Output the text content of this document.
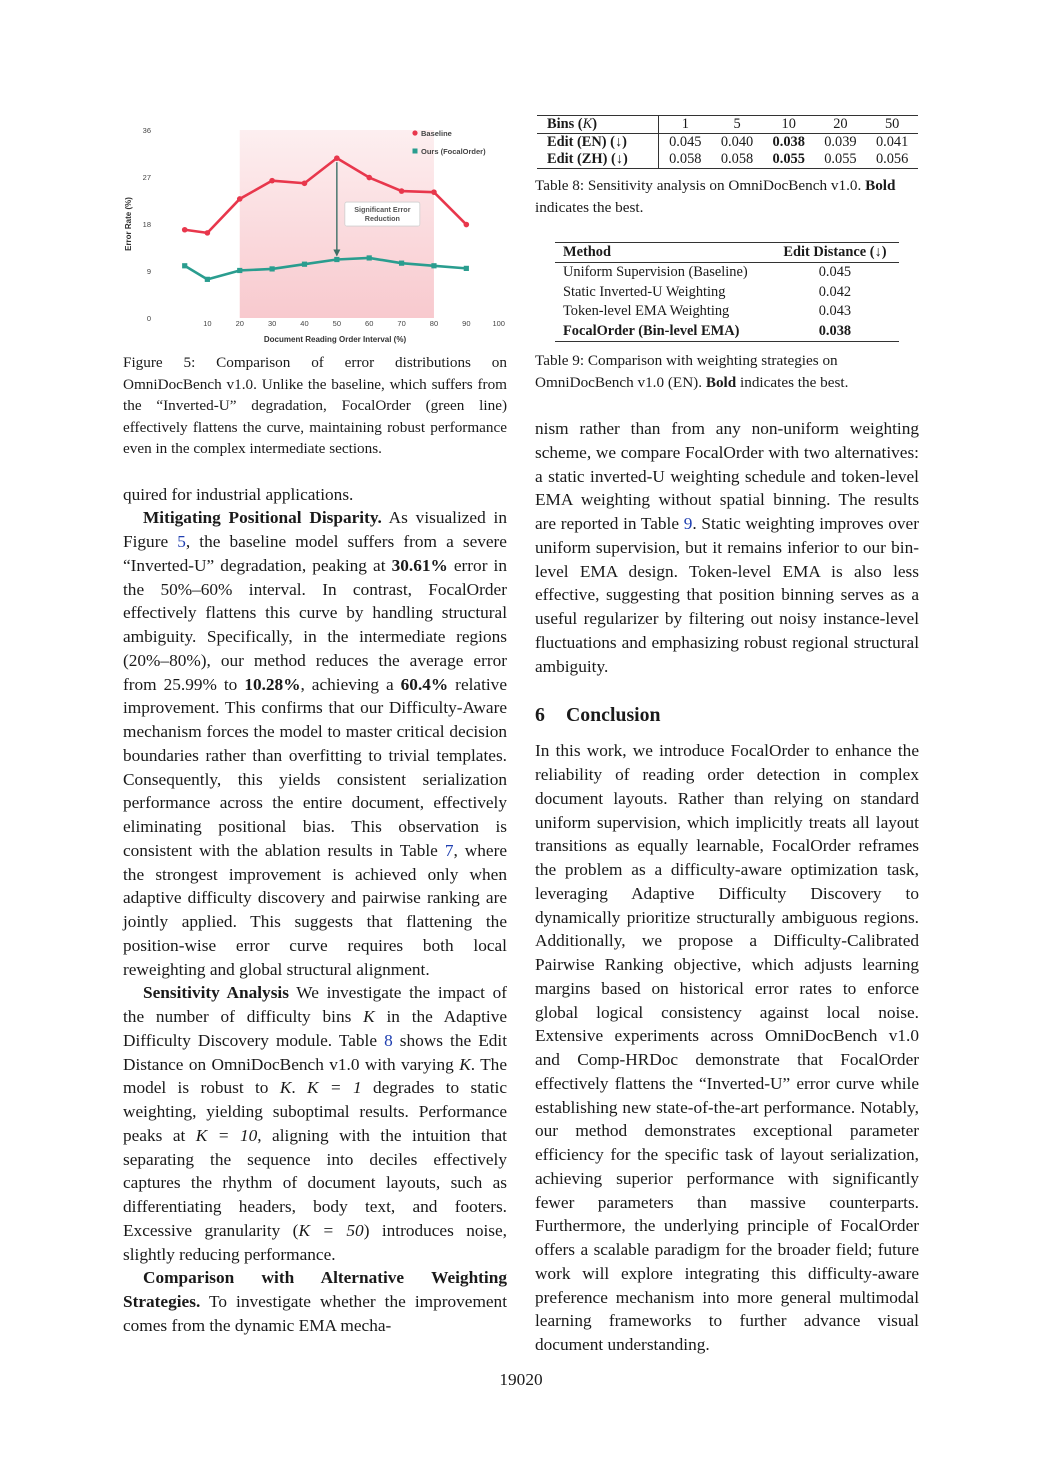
0
9
18
27
36
10	20	30	40	50	60	70	80	90	100
Document Reading Order Interval (%)
Error Rate (%)	Significant Error
Reduction
Baseline
Ours (FocalOrder)
Figure 5: Comparison of error distributions on OmniDocBench v1.0. Unlike the baseline, which suffers from the “Inverted-U” degradation, FocalOrder (green line) effectively flattens the curve, maintaining robust performance even in the complex intermediate sections.

quired for industrial applications.

Mitigating Positional Disparity. As visualized in Figure 5, the baseline model suffers from a severe “Inverted-U” degradation, peaking at 30.61% error in the 50%–60% interval. In contrast, FocalOrder effectively flattens this curve by handling structural ambiguity. Specifically, in the intermediate regions (20%–80%), our method reduces the average error from 25.99% to 10.28%, achieving a 60.4% relative improvement. This confirms that our Difficulty-Aware mechanism forces the model to master critical decision boundaries rather than overfitting to trivial templates. Consequently, this yields consistent serialization performance across the entire document, effectively eliminating positional bias. This observation is consistent with the ablation results in Table 7, where the strongest improvement is achieved only when adaptive difficulty discovery and pairwise ranking are jointly applied. This suggests that flattening the position-wise error curve requires both local reweighting and global structural alignment.

Sensitivity Analysis We investigate the impact of the number of difficulty bins K in the Adaptive Difficulty Discovery module. Table 8 shows the Edit Distance on OmniDocBench v1.0 with varying K. The model is robust to K. K = 1 degrades to static weighting, yielding suboptimal results. Performance peaks at K = 10, aligning with the intuition that separating the sequence into deciles effectively captures the rhythm of document layouts, such as differentiating headers, body text, and footers. Excessive granularity (K = 50) introduces noise, slightly reducing performance.

Comparison with Alternative Weighting Strategies. To investigate whether the improvement comes from the dynamic EMA mecha-

Bins (K)	1	5	10	20	50
Edit (EN) (↓)	0.045	0.040	0.038	0.039	0.041
Edit (ZH) (↓)	0.058	0.058	0.055	0.055	0.056
Table 8: Sensitivity analysis on OmniDocBench v1.0. Bold indicates the best.
Method	Edit Distance (↓)
Uniform Supervision (Baseline)	0.045
Static Inverted-U Weighting	0.042
Token-level EMA Weighting	0.043
FocalOrder (Bin-level EMA)	0.038
Table 9: Comparison with weighting strategies on OmniDocBench v1.0 (EN). Bold indicates the best.

nism rather than from any non-uniform weighting scheme, we compare FocalOrder with two alternatives: a static inverted-U weighting schedule and token-level EMA weighting without spatial binning. The results are reported in Table 9. Static weighting improves over uniform supervision, but it remains inferior to our bin-level EMA design. Token-level EMA is also less effective, suggesting that position binning serves as a useful regularizer by filtering out noisy instance-level fluctuations and emphasizing robust regional structural ambiguity.

6 Conclusion

In this work, we introduce FocalOrder to enhance the reliability of reading order detection in complex document layouts. Rather than relying on standard uniform supervision, which implicitly treats all layout transitions as equally learnable, FocalOrder reframes the problem as a difficulty-aware optimization task, leveraging Adaptive Difficulty Discovery to dynamically prioritize structurally ambiguous regions. Additionally, we propose a Difficulty-Calibrated Pairwise Ranking objective, which adjusts learning margins based on historical error rates to enforce global logical consistency against local noise. Extensive experiments across OmniDocBench v1.0 and Comp-HRDoc demonstrate that FocalOrder effectively flattens the “Inverted-U” error curve while establishing new state-of-the-art performance. Notably, our method demonstrates exceptional parameter efficiency for the specific task of layout serialization, achieving superior performance with significantly fewer parameters than massive counterparts. Furthermore, the underlying principle of FocalOrder offers a scalable paradigm for the broader field; future work will explore integrating this difficulty-aware preference mechanism into more general multimodal learning frameworks to further advance visual document understanding.

19020
